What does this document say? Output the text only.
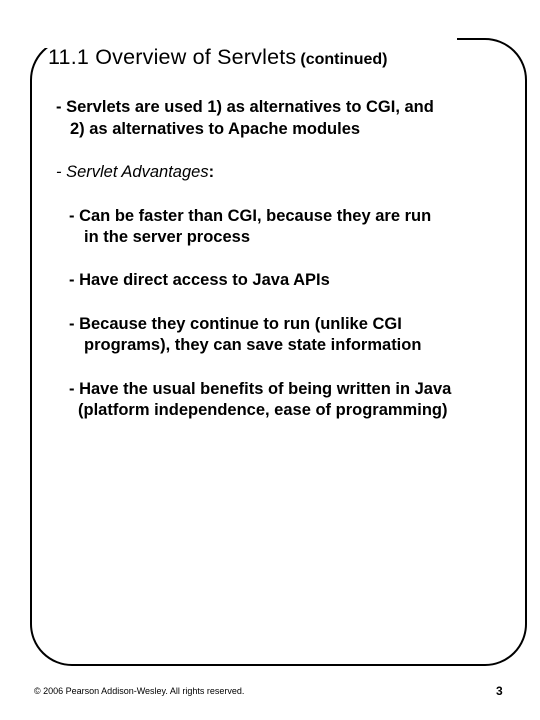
11.1 Overview of Servlets (continued)
- Servlets are used 1) as alternatives to CGI, and
2) as alternatives to Apache modules
- Servlet Advantages:
- Can be faster than CGI, because they are run
in the server process
- Have direct access to Java APIs
- Because they continue to run (unlike CGI
programs), they can save state information
- Have the usual benefits of being written in Java
(platform independence, ease of programming)
© 2006 Pearson Addison-Wesley. All rights reserved.	3
